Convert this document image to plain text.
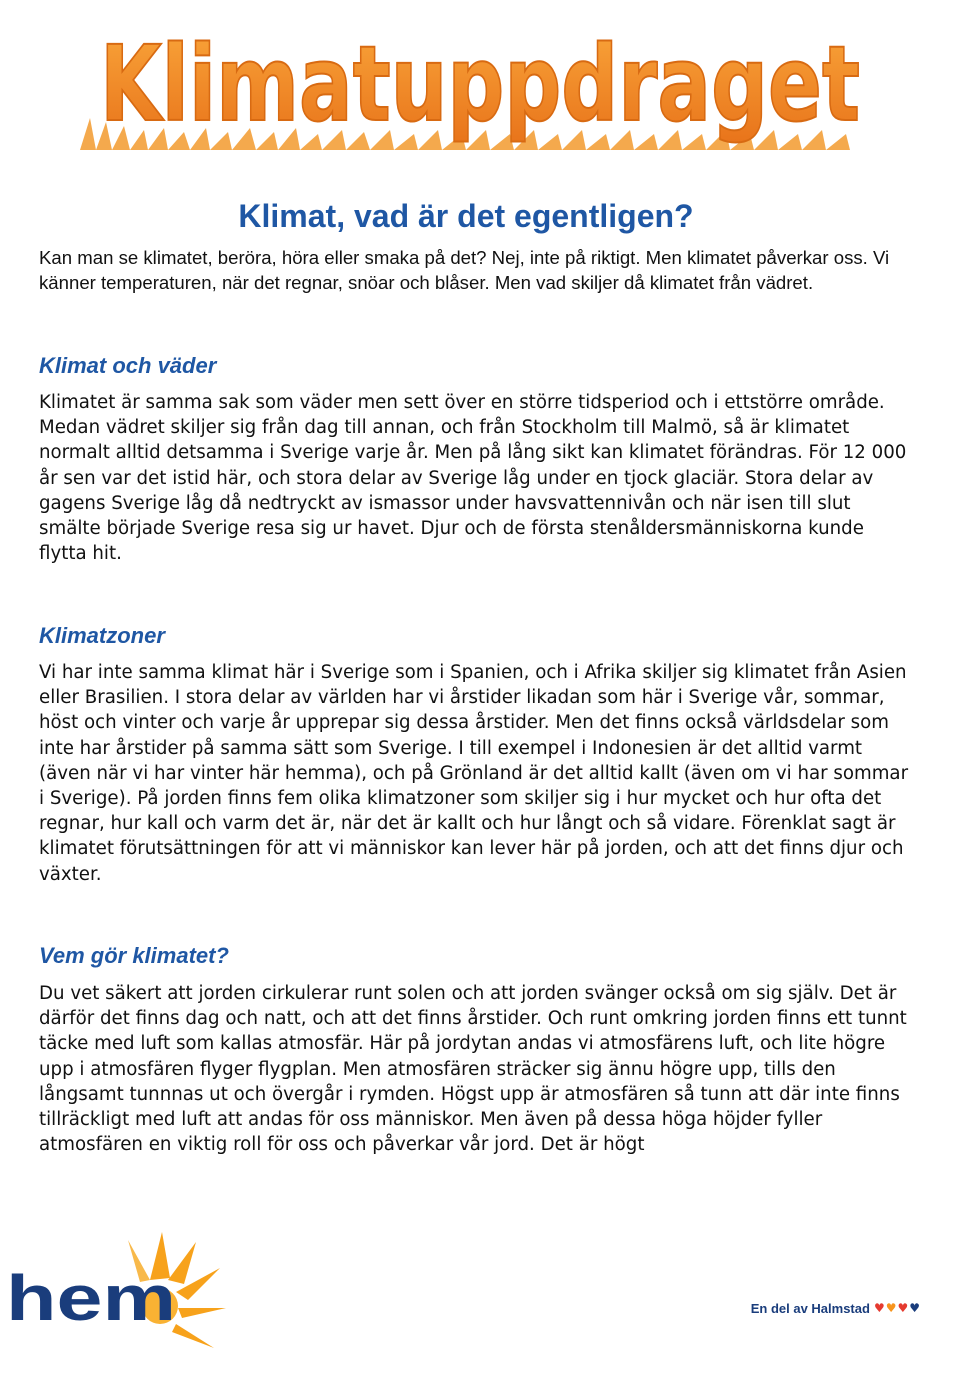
Klimatuppdraget
Klimat, vad är det egentligen?

Kan man se klimatet, beröra, höra eller smaka på det? Nej, inte på riktigt. Men klimatet påverkar oss. Vi känner temperaturen, när det regnar, snöar och blåser. Men vad skiljer då klimatet från vädret.

Klimat och väder

Klimatet är samma sak som väder men sett över en större tidsperiod och i ettstörre område. Medan vädret skiljer sig från dag till annan, och från Stockholm till Malmö, så är klimatet normalt alltid detsamma i Sverige varje år. Men på lång sikt kan klimatet förändras. För 12 000 år sen var det istid här, och stora delar av Sverige låg under en tjock glaciär. Stora delar av gagens Sverige låg då nedtryckt av ismassor under havsvattennivån och när isen till slut smälte började Sverige resa sig ur havet. Djur och de första stenåldersmänniskorna kunde flytta hit.

Klimatzoner

Vi har inte samma klimat här i Sverige som i Spanien, och i Afrika skiljer sig klimatet från Asien eller Brasilien. I stora delar av världen har vi årstider likadan som här i Sverige vår, sommar, höst och vinter och varje år upprepar sig dessa årstider. Men det finns också världsdelar som inte har årstider på samma sätt som Sverige. I till exempel i Indonesien är det alltid varmt (även när vi har vinter här hemma), och på Grönland är det alltid kallt (även om vi har sommar i Sverige). På jorden finns fem olika klimatzoner som skiljer sig i hur mycket och hur ofta det regnar, hur kall och varm det är, när det är kallt och hur långt och så vidare. Förenklat sagt är klimatet förutsättningen för att vi människor kan lever här på jorden, och att det finns djur och växter.

Vem gör klimatet?

Du vet säkert att jorden cirkulerar runt solen och att jorden svänger också om sig själv. Det är därför det finns dag och natt, och att det finns årstider. Och runt omkring jorden finns ett tunnt täcke med luft som kallas atmosfär. Här på jordytan andas vi atmosfärens luft, och lite högre upp i atmosfären flyger flygplan. Men atmosfären sträcker sig ännu högre upp, tills den långsamt tunnnas ut och övergår i rymden. Högst upp är atmosfären så tunn att där inte finns tillräckligt med luft att andas för oss människor. Men även på dessa höga höjder fyller atmosfären en viktig roll för oss och påverkar vår jord. Det är högt

hem	En del av Halmstad ♥ ♥ ♥ ♥
